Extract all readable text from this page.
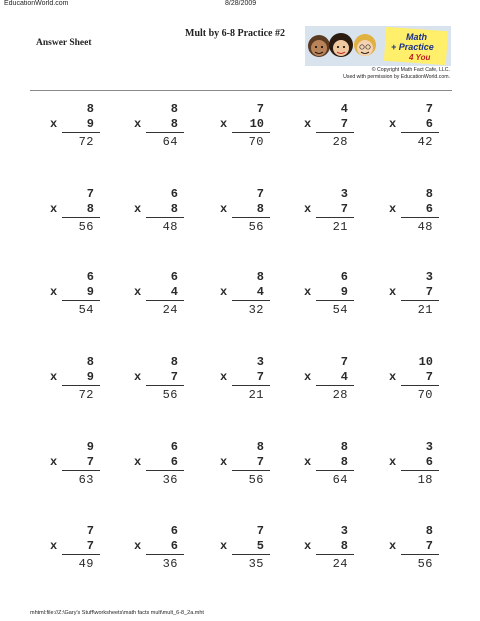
EducationWorld.com	8/28/2009
Mult by 6-8 Practice #2
Answer Sheet
Math
+ Practice
4 You
© Copyright Math Fact Cafe, LLC.
Used with permission by EducationWorld.com.
8
x 9
72
8
x 8
64
7
x 10
70
4
x 7
28
7
x 6
42
7
x 8
56
6
x 8
48
7
x 8
56
3
x 7
21
8
x 6
48
6
x 9
54
6
x 4
24
8
x 4
32
6
x 9
54
3
x 7
21
8
x 9
72
8
x 7
56
3
x 7
21
7
x 4
28
10
x 7
70
9
x 7
63
6
x 6
36
8
x 7
56
8
x 8
64
3
x 6
18
7
x 7
49
6
x 6
36
7
x 5
35
3
x 8
24
8
x 7
56
mhtml:file://Z:\Gary's Stuff\worksheets\math facts mult\mult_6-8_2a.mht
